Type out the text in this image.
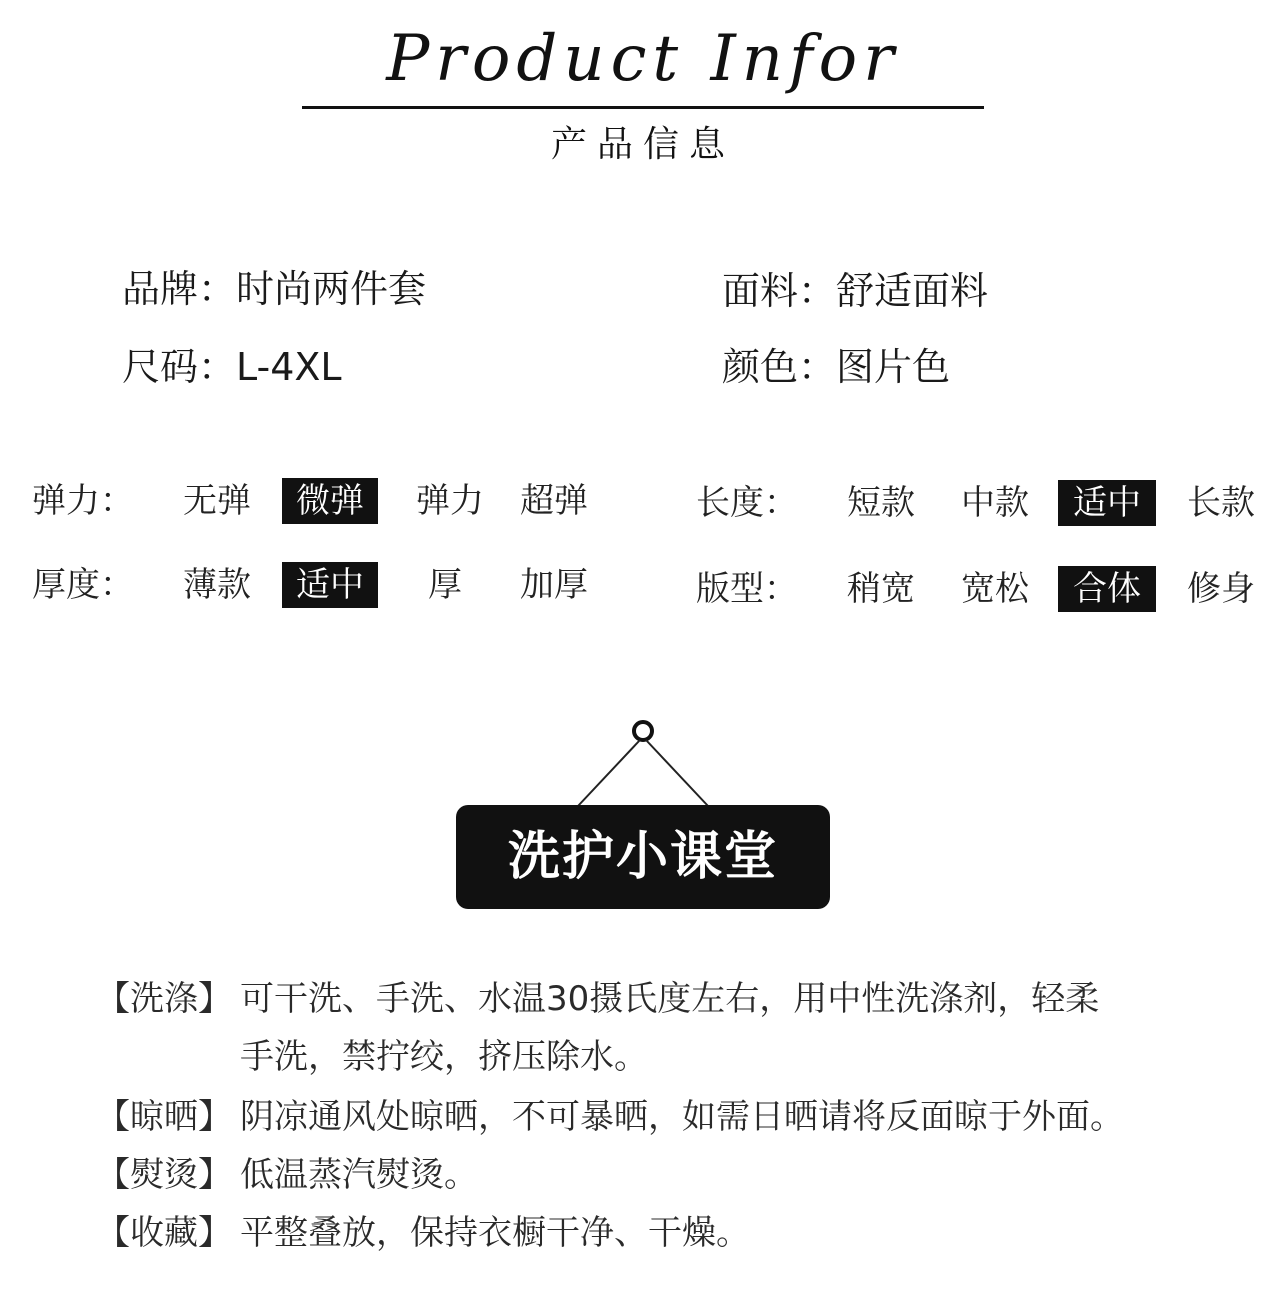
Product Infor
产品信息
品牌：时尚两件套	面料：舒适面料
尺码：L-4XL	颜色：图片色
弹力：	无弹	微弹	弹力	超弹
厚度：	薄款	适中	厚	加厚
长度：	短款	中款	适中	长款
版型：	稍宽	宽松	合体	修身
洗护小课堂
【洗涤】 可干洗、手洗、水温30摄氏度左右，用中性洗涤剂，轻柔
手洗，禁拧绞，挤压除水。
【晾晒】 阴凉通风处晾晒，不可暴晒，如需日晒请将反面晾于外面。
【熨烫】 低温蒸汽熨烫。
【收藏】 平整叠放，保持衣橱干净、干燥。
